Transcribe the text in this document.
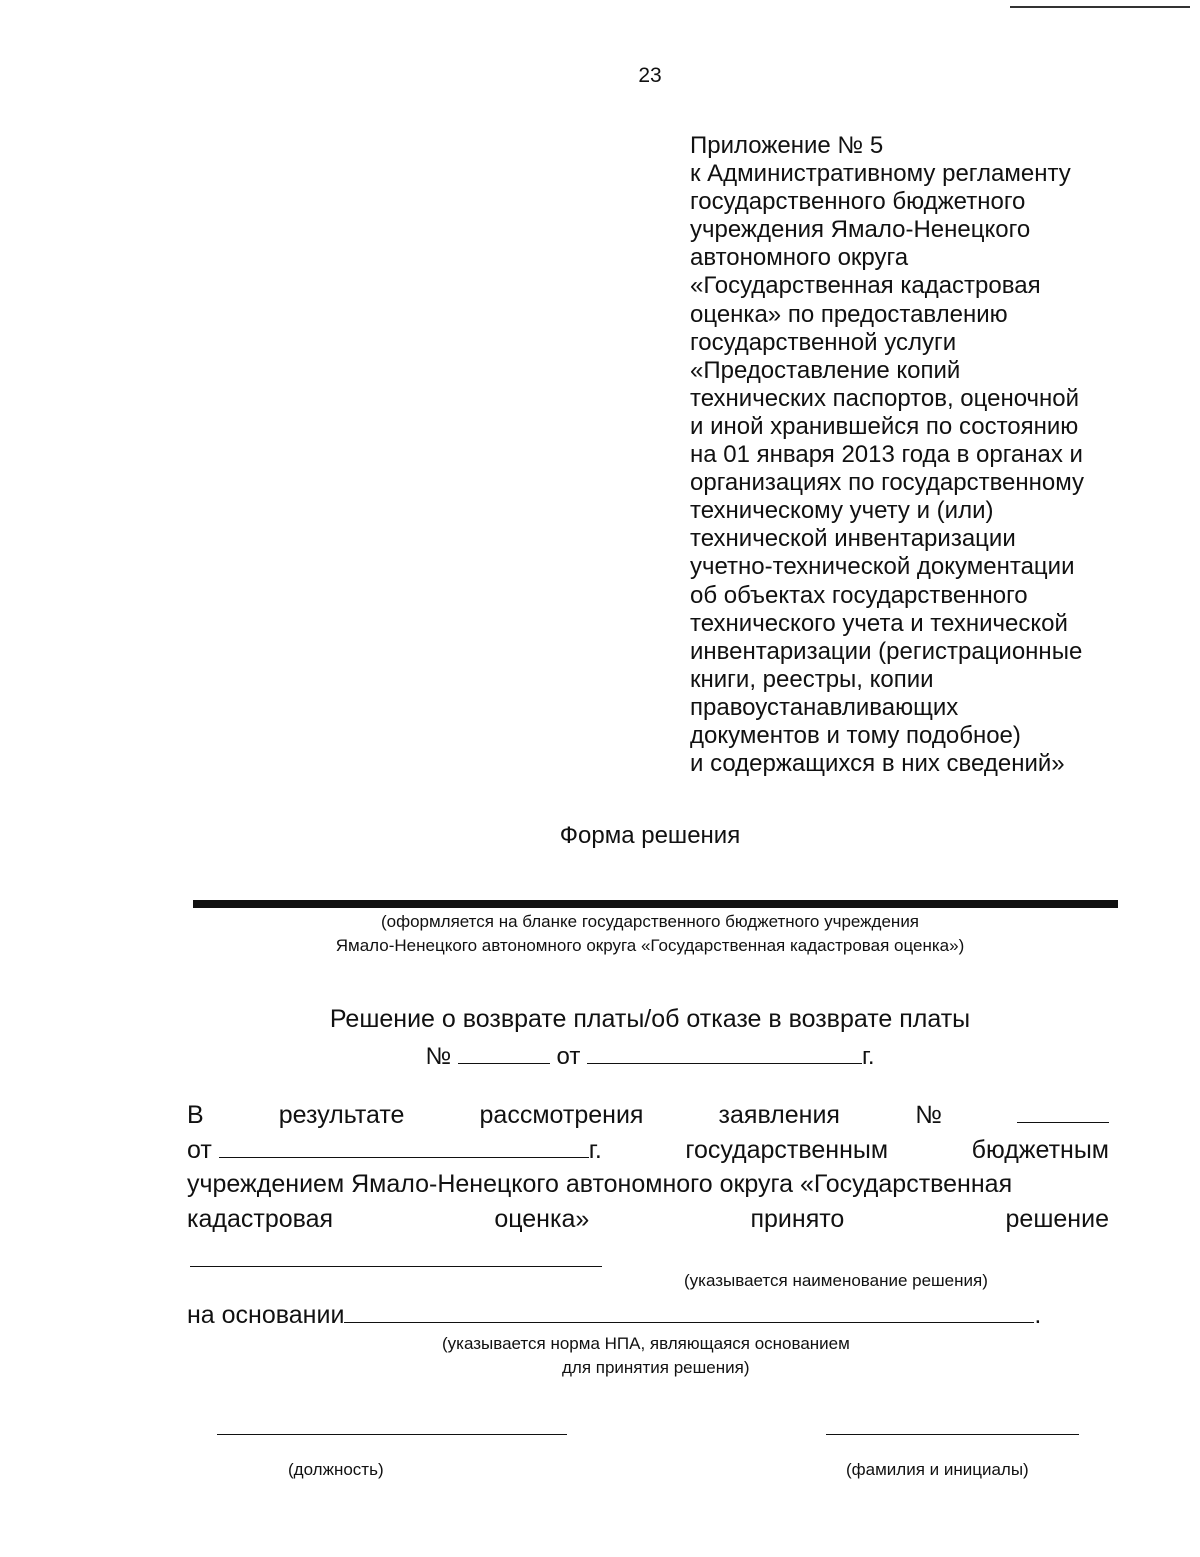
23
Приложение № 5
к Административному регламенту
государственного бюджетного
учреждения Ямало-Ненецкого
автономного округа
«Государственная кадастровая
оценка» по предоставлению
государственной услуги
«Предоставление копий
технических паспортов, оценочной
и иной хранившейся по состоянию
на 01 января 2013 года в органах и
организациях по государственному
техническому учету и (или)
технической инвентаризации
учетно-технической документации
об объектах государственного
технического учета и технической
инвентаризации (регистрационные
книги, реестры, копии
правоустанавливающих
документов и тому подобное)
и содержащихся в них сведений»
Форма решения
(оформляется на бланке государственного бюджетного учреждения
Ямало-Ненецкого автономного округа «Государственная кадастровая оценка»)
Решение о возврате платы/об отказе в возврате платы
№	от	г.
В	результате	рассмотрения	заявления	№
от	г.	государственным	бюджетным
учреждением Ямало-Ненецкого автономного округа «Государственная
кадастровая	оценка»	принято	решение
(указывается наименование решения)
на основании	.
(указывается норма НПА, являющаяся основанием
для принятия решения)
(должность)	(фамилия и инициалы)
